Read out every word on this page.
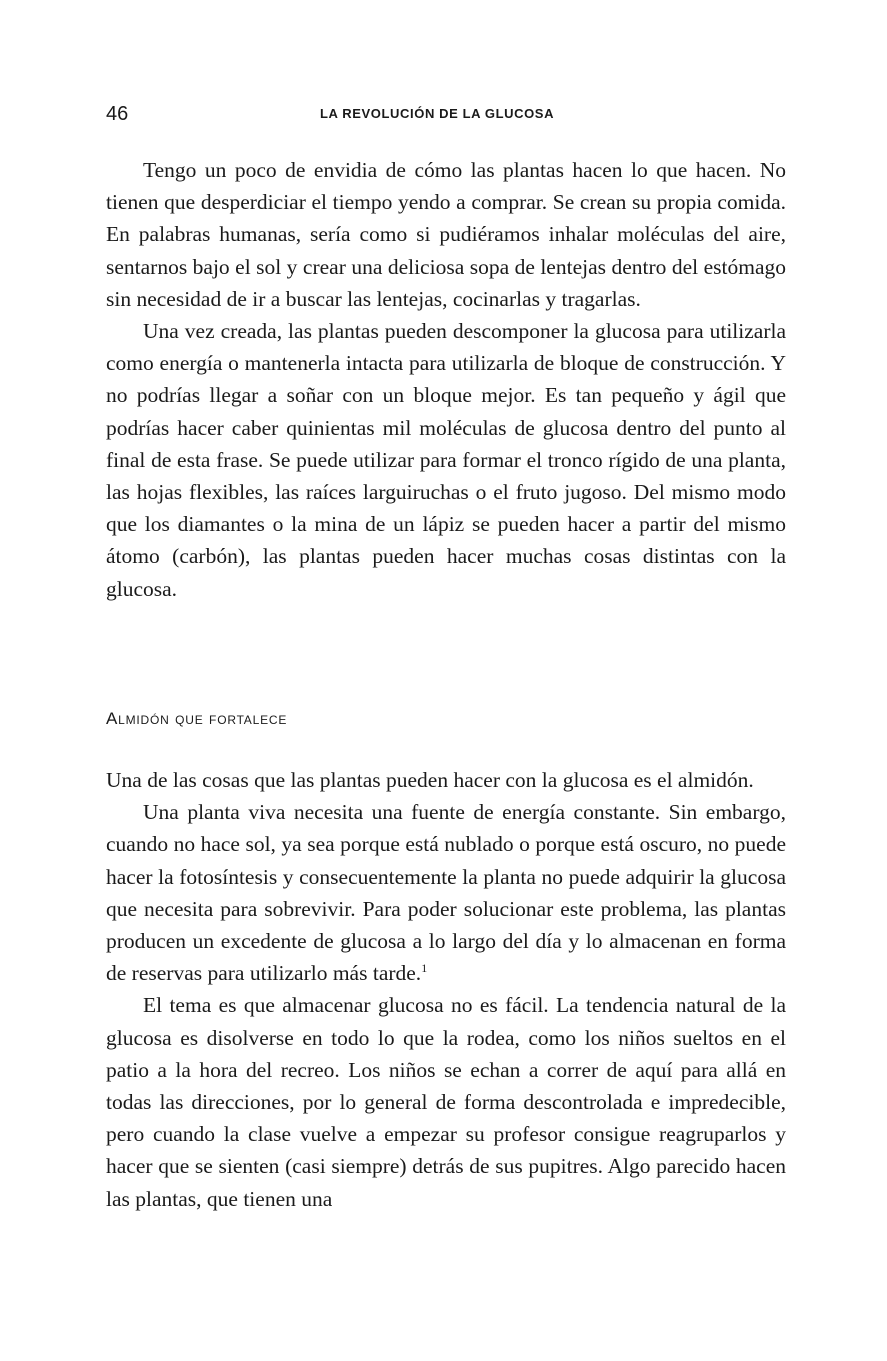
46	LA REVOLUCIÓN DE LA GLUCOSA

Tengo un poco de envidia de cómo las plantas hacen lo que hacen. No tienen que desperdiciar el tiempo yendo a comprar. Se crean su propia comida. En palabras humanas, sería como si pudiéramos inhalar moléculas del aire, sentarnos bajo el sol y crear una deliciosa sopa de lentejas dentro del estómago sin necesidad de ir a buscar las lentejas, cocinarlas y tragarlas.

Una vez creada, las plantas pueden descomponer la glucosa para utilizarla como energía o mantenerla intacta para utilizarla de bloque de construcción. Y no podrías llegar a soñar con un bloque mejor. Es tan pequeño y ágil que podrías hacer caber quinientas mil moléculas de glucosa dentro del punto al final de esta frase. Se puede utilizar para formar el tronco rígido de una planta, las hojas flexibles, las raíces larguiruchas o el fruto jugoso. Del mismo modo que los diamantes o la mina de un lápiz se pueden hacer a partir del mismo átomo (carbón), las plantas pueden hacer muchas cosas distintas con la glucosa.

Almidón que fortalece

Una de las cosas que las plantas pueden hacer con la glucosa es el almidón.

Una planta viva necesita una fuente de energía constante. Sin embargo, cuando no hace sol, ya sea porque está nublado o porque está oscuro, no puede hacer la fotosíntesis y consecuentemente la planta no puede adquirir la glucosa que necesita para sobrevivir. Para poder solucionar este problema, las plantas producen un excedente de glucosa a lo largo del día y lo almacenan en forma de reservas para utilizarlo más tarde.$^1$

El tema es que almacenar glucosa no es fácil. La tendencia natural de la glucosa es disolverse en todo lo que la rodea, como los niños sueltos en el patio a la hora del recreo. Los niños se echan a correr de aquí para allá en todas las direcciones, por lo general de forma descontrolada e impredecible, pero cuando la clase vuelve a empezar su profesor consigue reagruparlos y hacer que se sienten (casi siempre) detrás de sus pupitres. Algo parecido hacen las plantas, que tienen una
